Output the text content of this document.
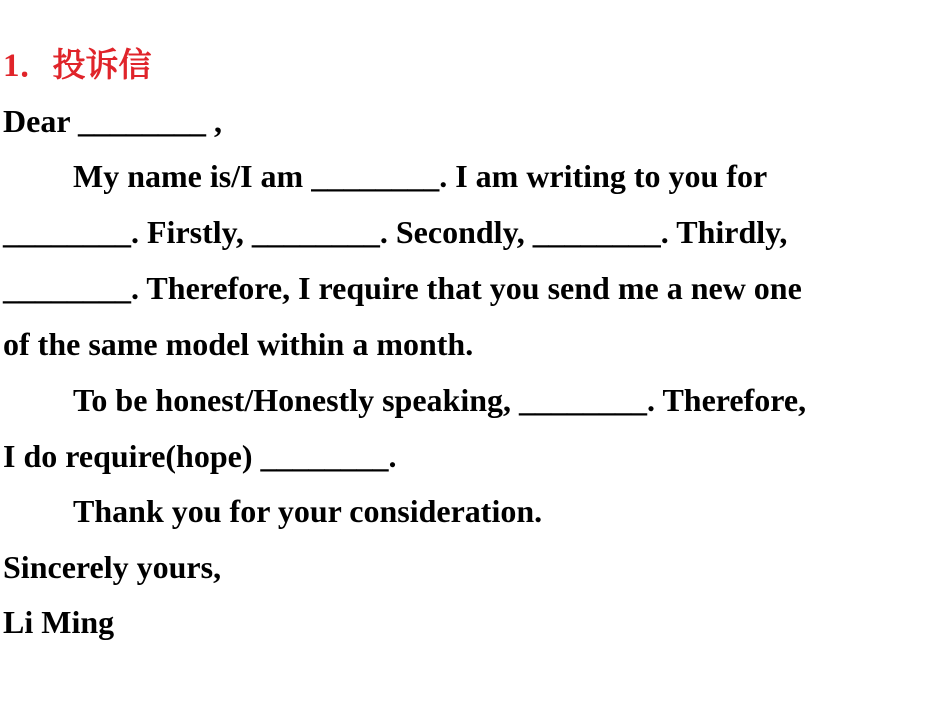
1．投诉信
Dear ________ ,
My name is/I am ________. I am writing to you for
________. Firstly, ________. Secondly, ________. Thirdly,
________. Therefore, I require that you send me a new one
of the same model within a month.
To be honest/Honestly speaking, ________. Therefore,
I do require(hope) ________.
Thank you for your consideration.
Sincerely yours,
Li Ming
